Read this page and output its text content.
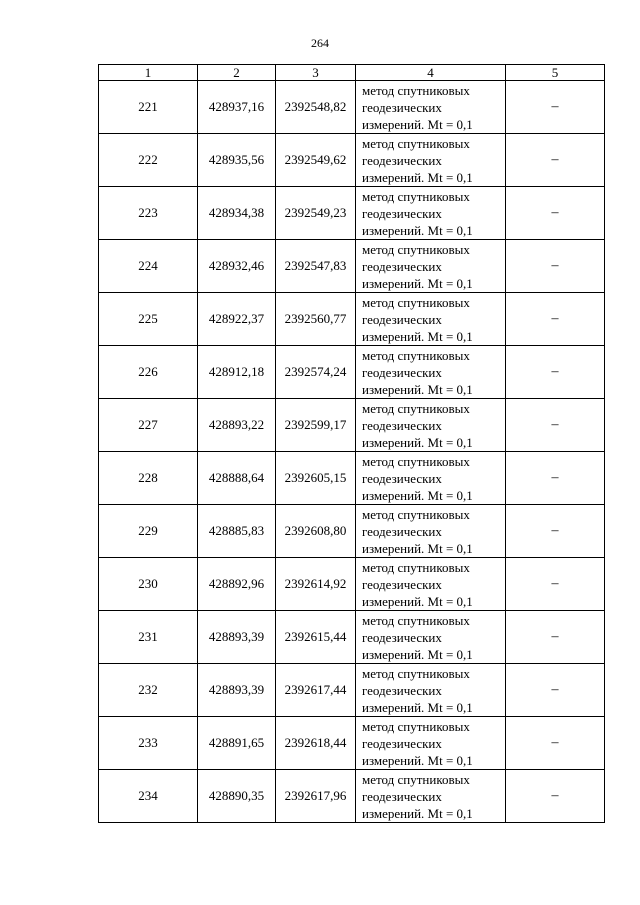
264
1	2	3	4	5
221	428937,16	2392548,82	метод спутниковых
геодезических
измерений. Mt = 0,1	–
222	428935,56	2392549,62	метод спутниковых
геодезических
измерений. Mt = 0,1	–
223	428934,38	2392549,23	метод спутниковых
геодезических
измерений. Mt = 0,1	–
224	428932,46	2392547,83	метод спутниковых
геодезических
измерений. Mt = 0,1	–
225	428922,37	2392560,77	метод спутниковых
геодезических
измерений. Mt = 0,1	–
226	428912,18	2392574,24	метод спутниковых
геодезических
измерений. Mt = 0,1	–
227	428893,22	2392599,17	метод спутниковых
геодезических
измерений. Mt = 0,1	–
228	428888,64	2392605,15	метод спутниковых
геодезических
измерений. Mt = 0,1	–
229	428885,83	2392608,80	метод спутниковых
геодезических
измерений. Mt = 0,1	–
230	428892,96	2392614,92	метод спутниковых
геодезических
измерений. Mt = 0,1	–
231	428893,39	2392615,44	метод спутниковых
геодезических
измерений. Mt = 0,1	–
232	428893,39	2392617,44	метод спутниковых
геодезических
измерений. Mt = 0,1	–
233	428891,65	2392618,44	метод спутниковых
геодезических
измерений. Mt = 0,1	–
234	428890,35	2392617,96	метод спутниковых
геодезических
измерений. Mt = 0,1	–
